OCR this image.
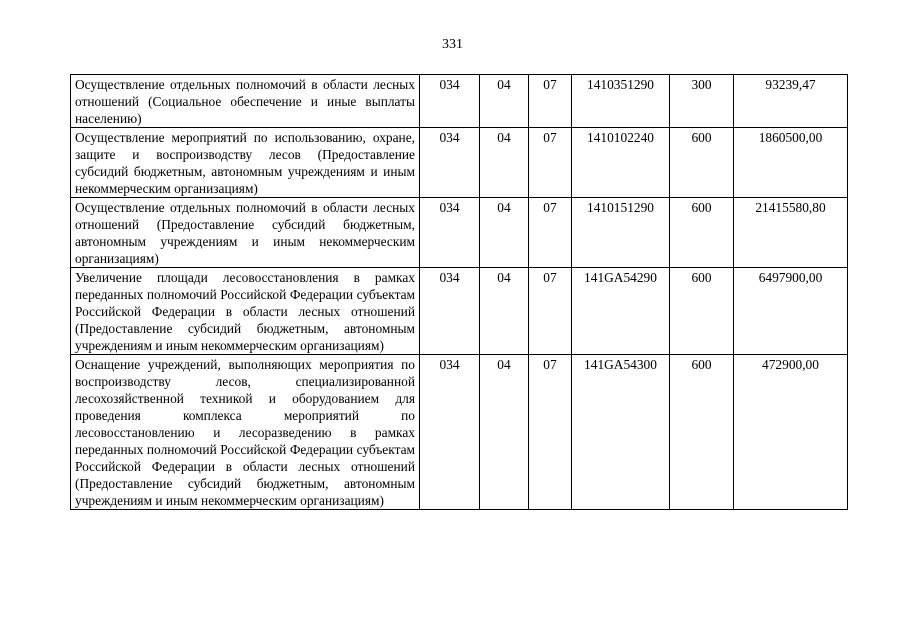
331
Осуществление отдельных полномочий в области лесных отношений (Социальное обеспечение и иные выплаты населению)	034	04	07	1410351290	300	93239,47
Осуществление мероприятий по использованию, охране, защите и воспроизводству лесов (Предоставление субсидий бюджетным, автономным учреждениям и иным некоммерческим организациям)	034	04	07	1410102240	600	1860500,00
Осуществление отдельных полномочий в области лесных отношений (Предоставление субсидий бюджетным, автономным учреждениям и иным некоммерческим организациям)	034	04	07	1410151290	600	21415580,80
Увеличение площади лесовосстановления в рамках переданных полномочий Российской Федерации субъектам Российской Федерации в области лесных отношений (Предоставление субсидий бюджетным, автономным учреждениям и иным некоммерческим организациям)	034	04	07	141GA54290	600	6497900,00
Оснащение учреждений, выполняющих мероприятия по воспроизводству лесов, специализированной лесохозяйственной техникой и оборудованием для проведения комплекса мероприятий по лесовосстановлению и лесоразведению в рамках переданных полномочий Российской Федерации субъектам Российской Федерации в области лесных отношений (Предоставление субсидий бюджетным, автономным учреждениям и иным некоммерческим организациям)	034	04	07	141GA54300	600	472900,00
